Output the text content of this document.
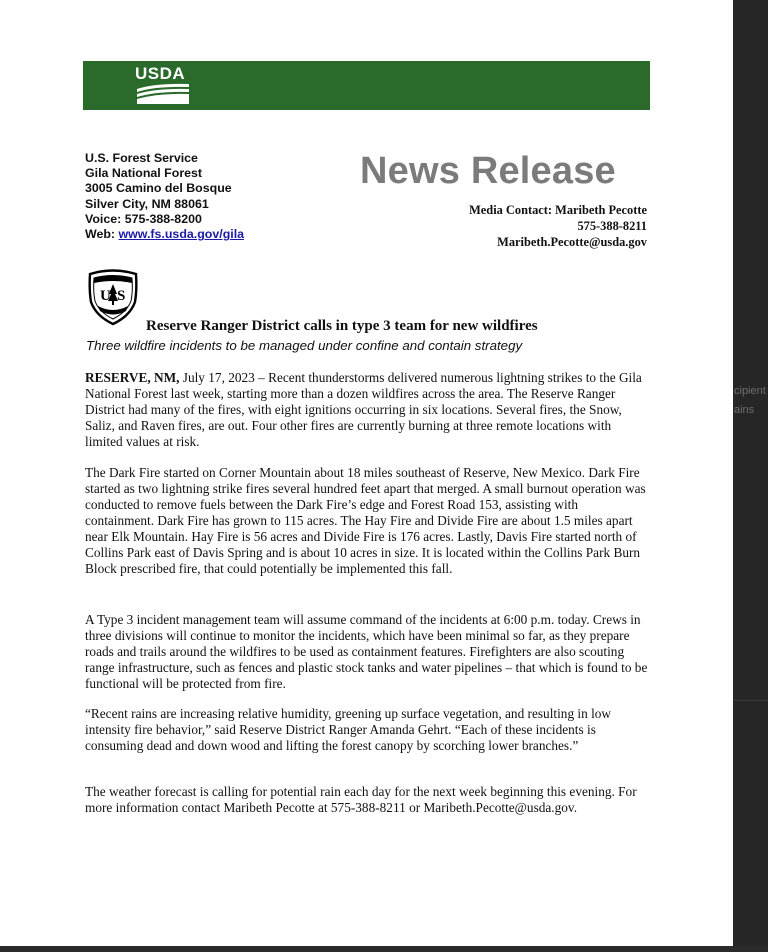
USDA
U.S. Forest Service
Gila National Forest
3005 Camino del Bosque
Silver City, NM 88061
Voice: 575-388-8200
Web: www.fs.usda.gov/gila
News Release
Media Contact: Maribeth Pecotte
575-388-8211
Maribeth.Pecotte@usda.gov
U S
Reserve Ranger District calls in type 3 team for new wildfires
Three wildfire incidents to be managed under confine and contain strategy

RESERVE, NM, July 17, 2023 – Recent thunderstorms delivered numerous lightning strikes to the Gila National Forest last week, starting more than a dozen wildfires across the area. The Reserve Ranger District had many of the fires, with eight ignitions occurring in six locations. Several fires, the Snow, Saliz, and Raven fires, are out. Four other fires are currently burning at three remote locations with limited values at risk.

The Dark Fire started on Corner Mountain about 18 miles southeast of Reserve, New Mexico. Dark Fire started as two lightning strike fires several hundred feet apart that merged. A small burnout operation was conducted to remove fuels between the Dark Fire’s edge and Forest Road 153, assisting with containment. Dark Fire has grown to 115 acres. The Hay Fire and Divide Fire are about 1.5 miles apart near Elk Mountain. Hay Fire is 56 acres and Divide Fire is 176 acres. Lastly, Davis Fire started north of Collins Park east of Davis Spring and is about 10 acres in size. It is located within the Collins Park Burn Block prescribed fire, that could potentially be implemented this fall.

A Type 3 incident management team will assume command of the incidents at 6:00 p.m. today. Crews in three divisions will continue to monitor the incidents, which have been minimal so far, as they prepare roads and trails around the wildfires to be used as containment features. Firefighters are also scouting range infrastructure, such as fences and plastic stock tanks and water pipelines – that which is found to be functional will be protected from fire.

“Recent rains are increasing relative humidity, greening up surface vegetation, and resulting in low intensity fire behavior,” said Reserve District Ranger Amanda Gehrt. “Each of these incidents is consuming dead and down wood and lifting the forest canopy by scorching lower branches.”

The weather forecast is calling for potential rain each day for the next week beginning this evening. For more information contact Maribeth Pecotte at 575-388-8211 or Maribeth.Pecotte@usda.gov.

cipient
ains
